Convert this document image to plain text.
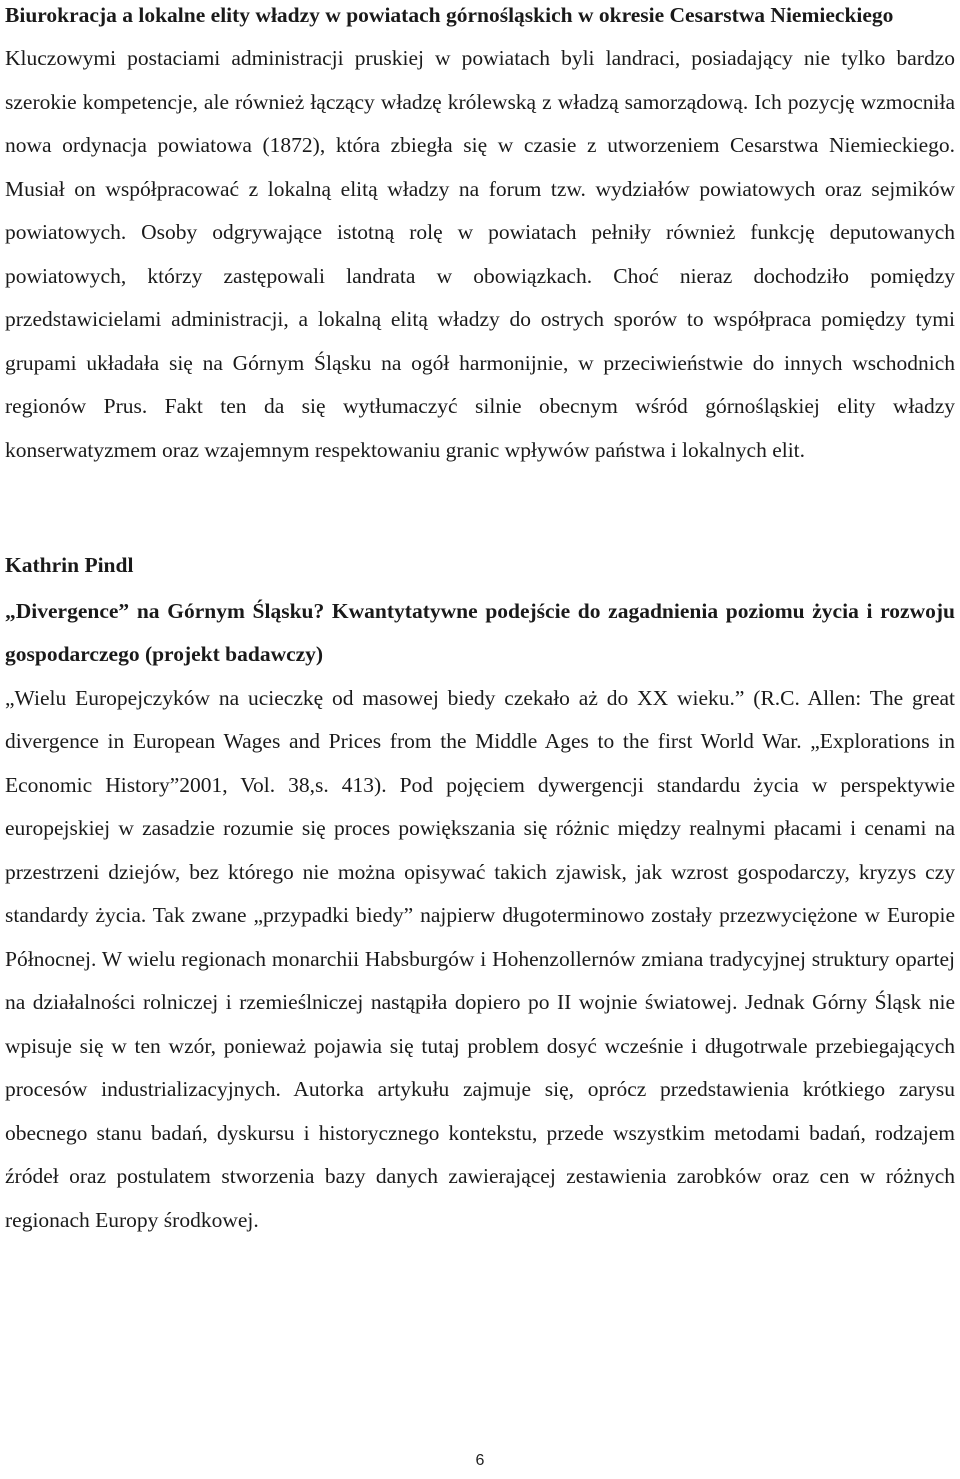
Biurokracja a lokalne elity władzy w powiatach górnośląskich w okresie Cesarstwa Niemieckiego

Kluczowymi postaciami administracji pruskiej w powiatach byli landraci, posiadający nie tylko bardzo szerokie kompetencje, ale również łączący władzę królewską z władzą samorządową. Ich pozycję wzmocniła nowa ordynacja powiatowa (1872), która zbiegła się w czasie z utworzeniem Cesarstwa Niemieckiego. Musiał on współpracować z lokalną elitą władzy na forum tzw. wydziałów powiatowych oraz sejmików powiatowych. Osoby odgrywające istotną rolę w powiatach pełniły również funkcję deputowanych powiatowych, którzy zastępowali landrata w obowiązkach. Choć nieraz dochodziło pomiędzy przedstawicielami administracji, a lokalną elitą władzy do ostrych sporów to współpraca pomiędzy tymi grupami układała się na Górnym Śląsku na ogół harmonijnie, w przeciwieństwie do innych wschodnich regionów Prus. Fakt ten da się wytłumaczyć silnie obecnym wśród górnośląskiej elity władzy konserwatyzmem oraz wzajemnym respektowaniu granic wpływów państwa i lokalnych elit.

Kathrin Pindl

„Divergence” na Górnym Śląsku? Kwantytatywne podejście do zagadnienia poziomu życia i rozwoju gospodarczego (projekt badawczy)

„Wielu Europejczyków na ucieczkę od masowej biedy czekało aż do XX wieku.” (R.C. Allen: The great divergence in European Wages and Prices from the Middle Ages to the first World War. „Explorations in Economic History”2001, Vol. 38,s. 413). Pod pojęciem dywergencji standardu życia w perspektywie europejskiej w zasadzie rozumie się proces powiększania się różnic między realnymi płacami i cenami na przestrzeni dziejów, bez którego nie można opisywać takich zjawisk, jak wzrost gospodarczy, kryzys czy standardy życia. Tak zwane „przypadki biedy” najpierw długoterminowo zostały przezwyciężone w Europie Północnej. W wielu regionach monarchii Habsburgów i Hohenzollernów zmiana tradycyjnej struktury opartej na działalności rolniczej i rzemieślniczej nastąpiła dopiero po II wojnie światowej. Jednak Górny Śląsk nie wpisuje się w ten wzór, ponieważ pojawia się tutaj problem dosyć wcześnie i długotrwale przebiegających procesów industrializacyjnych. Autorka artykułu zajmuje się, oprócz przedstawienia krótkiego zarysu obecnego stanu badań, dyskursu i historycznego kontekstu, przede wszystkim metodami badań, rodzajem źródeł oraz postulatem stworzenia bazy danych zawierającej zestawienia zarobków oraz cen w różnych regionach Europy środkowej.

6
